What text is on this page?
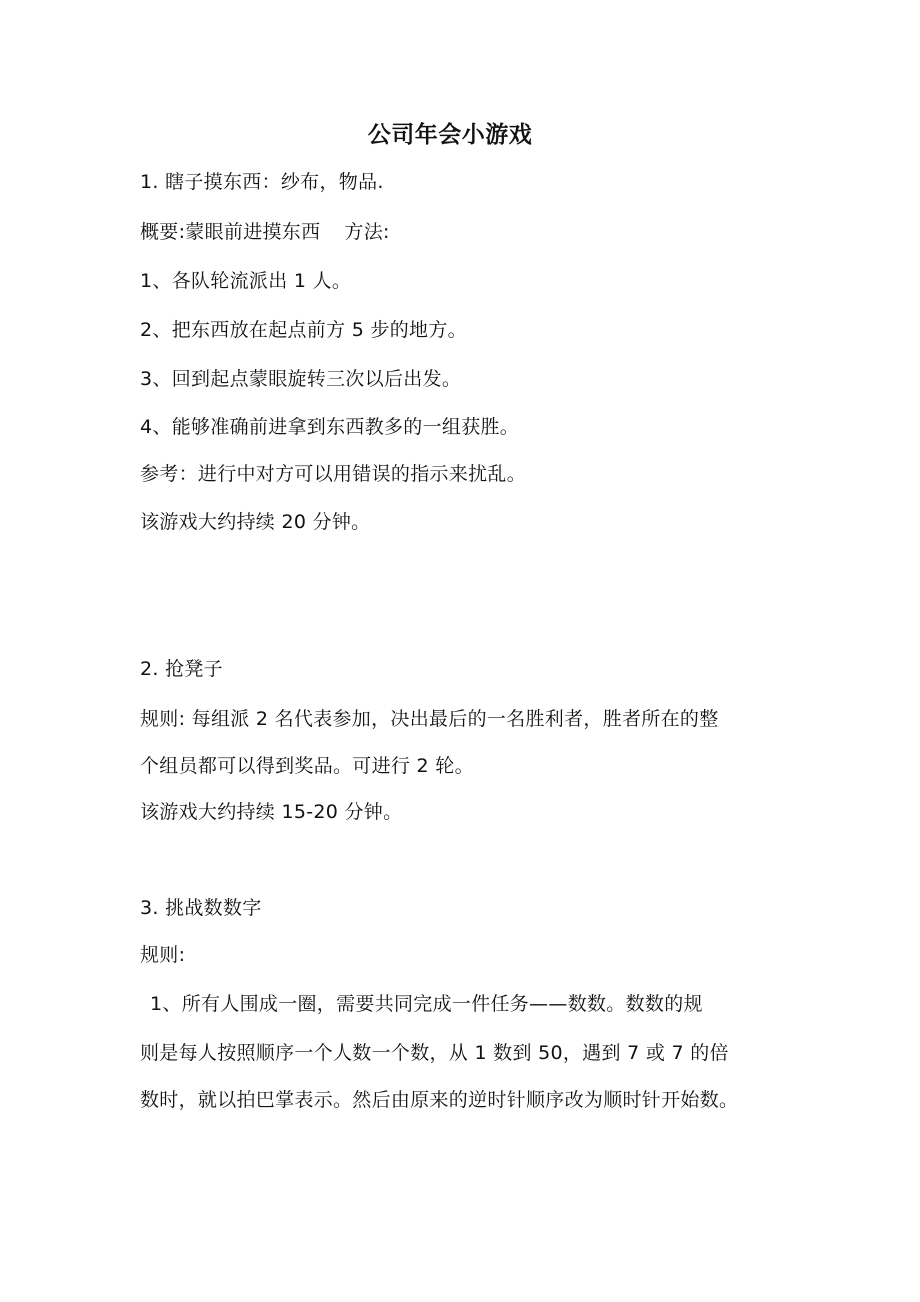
公司年会小游戏
1. 瞎子摸东西：纱布，物品.
概要:蒙眼前进摸东西 方法:
1、各队轮流派出 1 人。
2、把东西放在起点前方 5 步的地方。
3、回到起点蒙眼旋转三次以后出发。
4、能够准确前进拿到东西教多的一组获胜。
参考：进行中对方可以用错误的指示来扰乱。
该游戏大约持续 20 分钟。
2. 抢凳子
规则: 每组派 2 名代表参加，决出最后的一名胜利者，胜者所在的整
个组员都可以得到奖品。可进行 2 轮。
该游戏大约持续 15-20 分钟。
3. 挑战数数字
规则:
1、所有人围成一圈，需要共同完成一件任务——数数。数数的规
则是每人按照顺序一个人数一个数，从 1 数到 50，遇到 7 或 7 的倍
数时，就以拍巴掌表示。然后由原来的逆时针顺序改为顺时针开始数。
